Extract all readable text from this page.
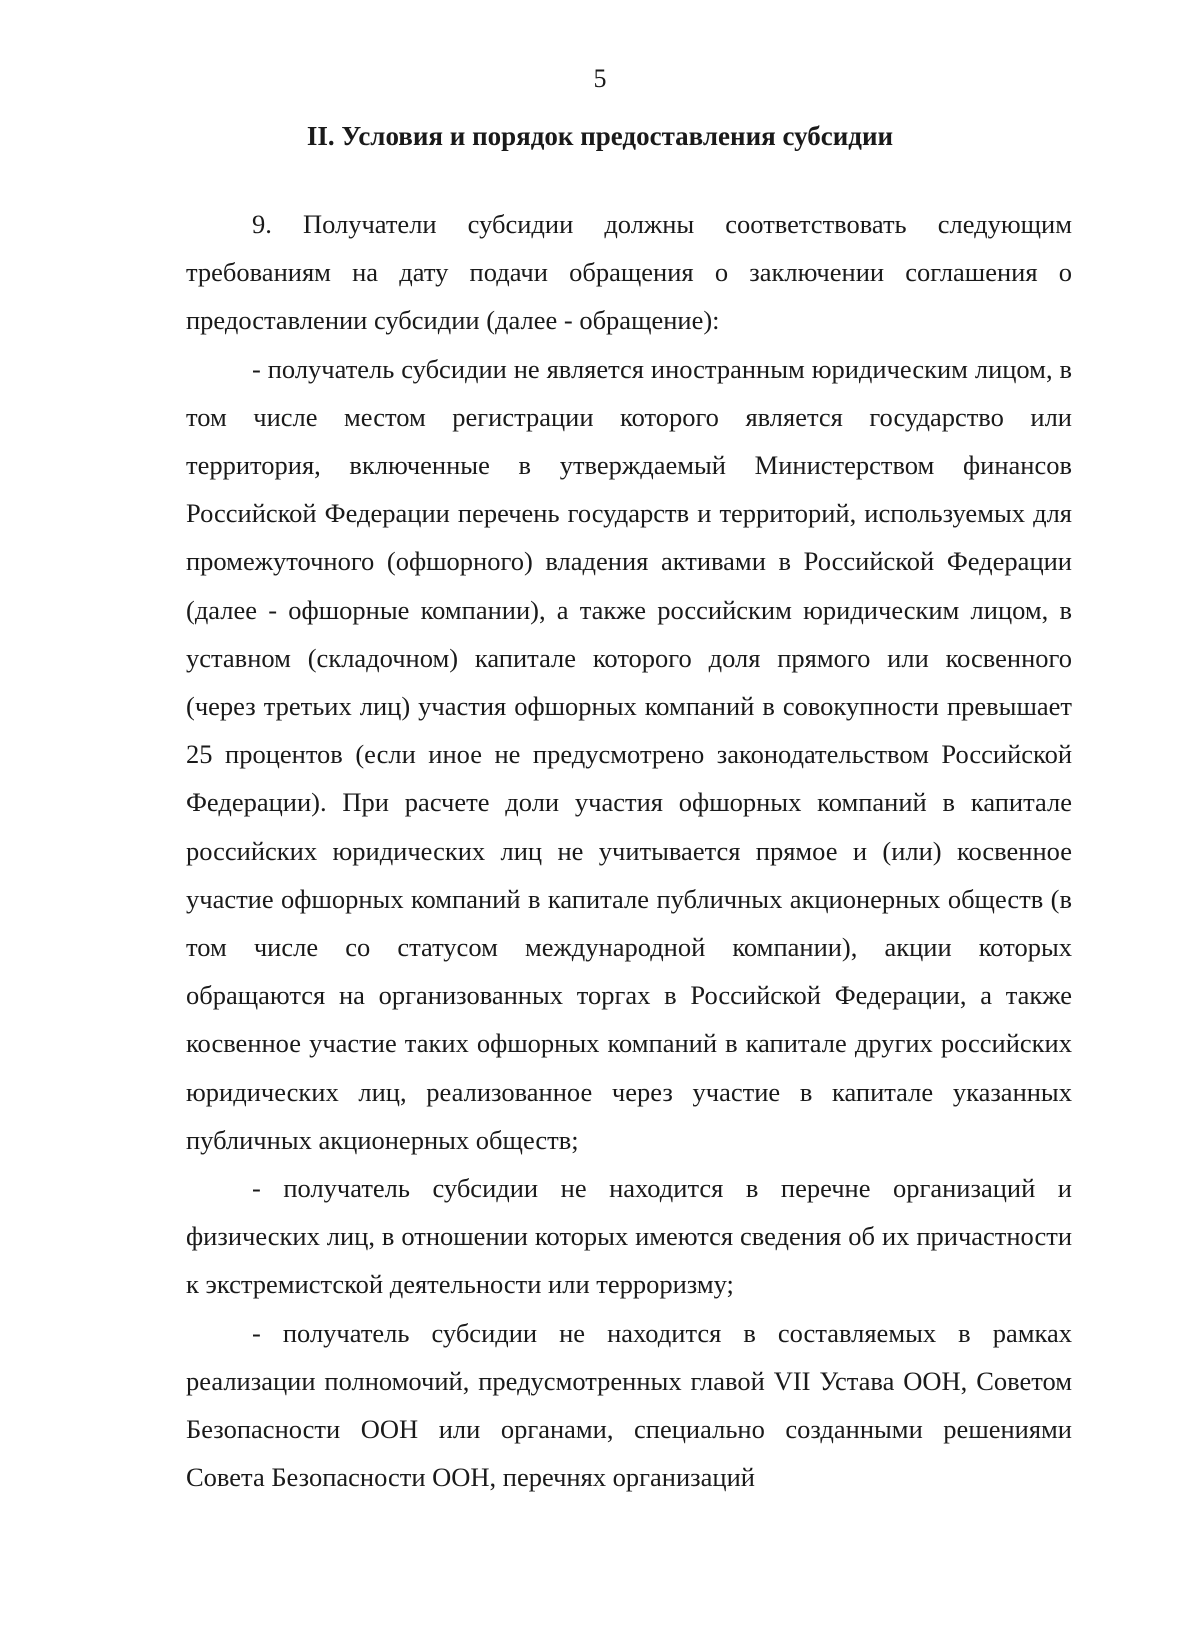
5
II. Условия и порядок предоставления субсидии

9. Получатели субсидии должны соответствовать следующим требованиям на дату подачи обращения о заключении соглашения о предоставлении субсидии (далее - обращение):

- получатель субсидии не является иностранным юридическим лицом, в том числе местом регистрации которого является государство или территория, включенные в утверждаемый Министерством финансов Российской Федерации перечень государств и территорий, используемых для промежуточного (офшорного) владения активами в Российской Федерации (далее - офшорные компании), а также российским юридическим лицом, в уставном (складочном) капитале которого доля прямого или косвенного (через третьих лиц) участия офшорных компаний в совокупности превышает 25 процентов (если иное не предусмотрено законодательством Российской Федерации). При расчете доли участия офшорных компаний в капитале российских юридических лиц не учитывается прямое и (или) косвенное участие офшорных компаний в капитале публичных акционерных обществ (в том числе со статусом международной компании), акции которых обращаются на организованных торгах в Российской Федерации, а также косвенное участие таких офшорных компаний в капитале других российских юридических лиц, реализованное через участие в капитале указанных публичных акционерных обществ;

- получатель субсидии не находится в перечне организаций и физических лиц, в отношении которых имеются сведения об их причастности к экстремистской деятельности или терроризму;

- получатель субсидии не находится в составляемых в рамках реализации полномочий, предусмотренных главой VII Устава ООН, Советом Безопасности ООН или органами, специально созданными решениями Совета Безопасности ООН, перечнях организаций
